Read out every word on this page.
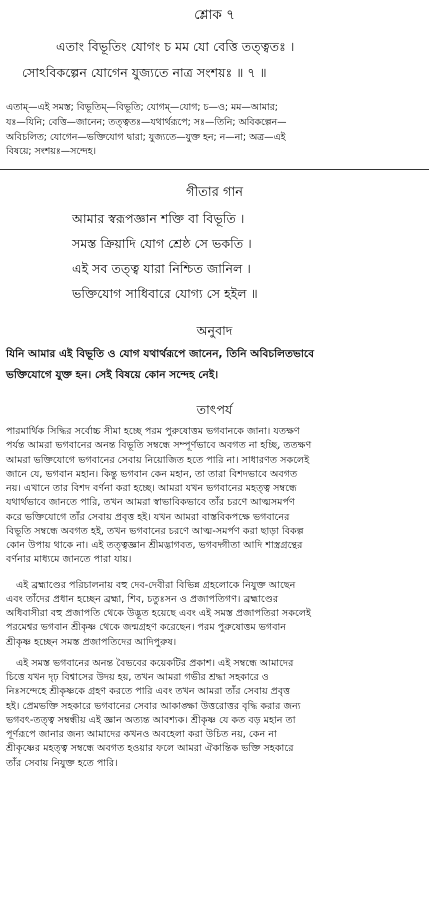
শ্লোক ৭
এতাং বিভূতিং যোগং চ মম যো বেত্তি তত্ত্বতঃ ।
সোঽবিকল্পেন যোগেন যুজ্যতে নাত্র সংশয়ঃ ॥ ৭ ॥
এতাম্—এই সমস্ত; বিভূতিম্—বিভূতি; যোগম্—যোগ; চ—ও; মম—আমার;
যঃ—যিনি; বেত্তি—জানেন; তত্ত্বতঃ—যথার্থরূপে; সঃ—তিনি; অবিকল্পেন—
অবিচলিত; যোগেন—ভক্তিযোগ দ্বারা; যুজ্যতে—যুক্ত হন; ন—না; অত্র—এই
বিষয়ে; সংশয়ঃ—সন্দেহ।
গীতার গান
আমার স্বরূপজ্ঞান শক্তি বা বিভূতি ।
সমস্ত ক্রিয়াদি যোগ শ্রেষ্ঠ সে ভকতি ।
এই সব তত্ত্ব যারা নিশ্চিত জানিল ।
ভক্তিযোগ সাধিবারে যোগ্য সে হইল ॥
অনুবাদ
যিনি আমার এই বিভূতি ও যোগ যথার্থরূপে জানেন, তিনি অবিচলিতভাবে
ভক্তিযোগে যুক্ত হন। সেই বিষয়ে কোন সন্দেহ নেই।
তাৎপর্য

পারমার্থিক সিদ্ধির সর্বোচ্চ সীমা হচ্ছে পরম পুরুষোত্তম ভগবানকে জানা। যতক্ষণ
পর্যন্ত আমরা ভগবানের অনন্ত বিভূতি সম্বন্ধে সম্পূর্ণভাবে অবগত না হচ্ছি, ততক্ষণ
আমরা ভক্তিযোগে ভগবানের সেবায় নিয়োজিত হতে পারি না। সাধারণত সকলেই
জানে যে, ভগবান মহান। কিন্তু ভগবান কেন মহান, তা তারা বিশদভাবে অবগত
নয়। এখানে তার বিশদ বর্ণনা করা হচ্ছে। আমরা যখন ভগবানের মহত্ত্ব সম্বন্ধে
যথার্থভাবে জানতে পারি, তখন আমরা স্বাভাবিকভাবে তাঁর চরণে আত্মসমর্পণ
করে ভক্তিযোগে তাঁর সেবায় প্রবৃত্ত হই। যখন আমরা বাস্তবিকপক্ষে ভগবানের
বিভূতি সম্বন্ধে অবগত হই, তখন ভগবানের চরণে আত্ম-সমর্পণ করা ছাড়া বিকল্প
কোন উপায় থাকে না। এই তত্ত্বজ্ঞান শ্রীমদ্ভাগবত, ভগবদ্গীতা আদি শাস্ত্রগ্রন্থের
বর্ণনার মাধ্যমে জানতে পারা যায়।

এই ব্রহ্মাণ্ডের পরিচালনায় বহু দেব-দেবীরা বিভিন্ন গ্রহলোকে নিযুক্ত আছেন
এবং তাঁদের প্রধান হচ্ছেন ব্রহ্মা, শিব, চতুঃসন ও প্রজাপতিগণ। ব্রহ্মাণ্ডের
অধিবাসীরা বহু প্রজাপতি থেকে উদ্ভূত হয়েছে এবং এই সমস্ত প্রজাপতিরা সকলেই
পরমেশ্বর ভগবান শ্রীকৃষ্ণ থেকে জন্মগ্রহণ করেছেন। পরম পুরুষোত্তম ভগবান
শ্রীকৃষ্ণ হচ্ছেন সমস্ত প্রজাপতিদের আদিপুরুষ।

এই সমস্ত ভগবানের অনন্ত বৈভবের কয়েকটির প্রকাশ। এই সম্বন্ধে আমাদের
চিত্তে যখন দৃঢ় বিশ্বাসের উদয় হয়, তখন আমরা গভীর শ্রদ্ধা সহকারে ও
নিঃসন্দেহে শ্রীকৃষ্ণকে গ্রহণ করতে পারি এবং তখন আমরা তাঁর সেবায় প্রবৃত্ত
হই। প্রেমভক্তি সহকারে ভগবানের সেবার আকাঙ্ক্ষা উত্তরোত্তর বৃদ্ধি করার জন্য
ভগবৎ-তত্ত্ব সম্বন্ধীয় এই জ্ঞান অত্যন্ত আবশ্যক। শ্রীকৃষ্ণ যে কত বড় মহান তা
পূর্ণরূপে জানার জন্য আমাদের কখনও অবহেলা করা উচিত নয়, কেন না
শ্রীকৃষ্ণের মহত্ত্ব সম্বন্ধে অবগত হওয়ার ফলে আমরা ঐকান্তিক ভক্তি সহকারে
তাঁর সেবায় নিযুক্ত হতে পারি।
